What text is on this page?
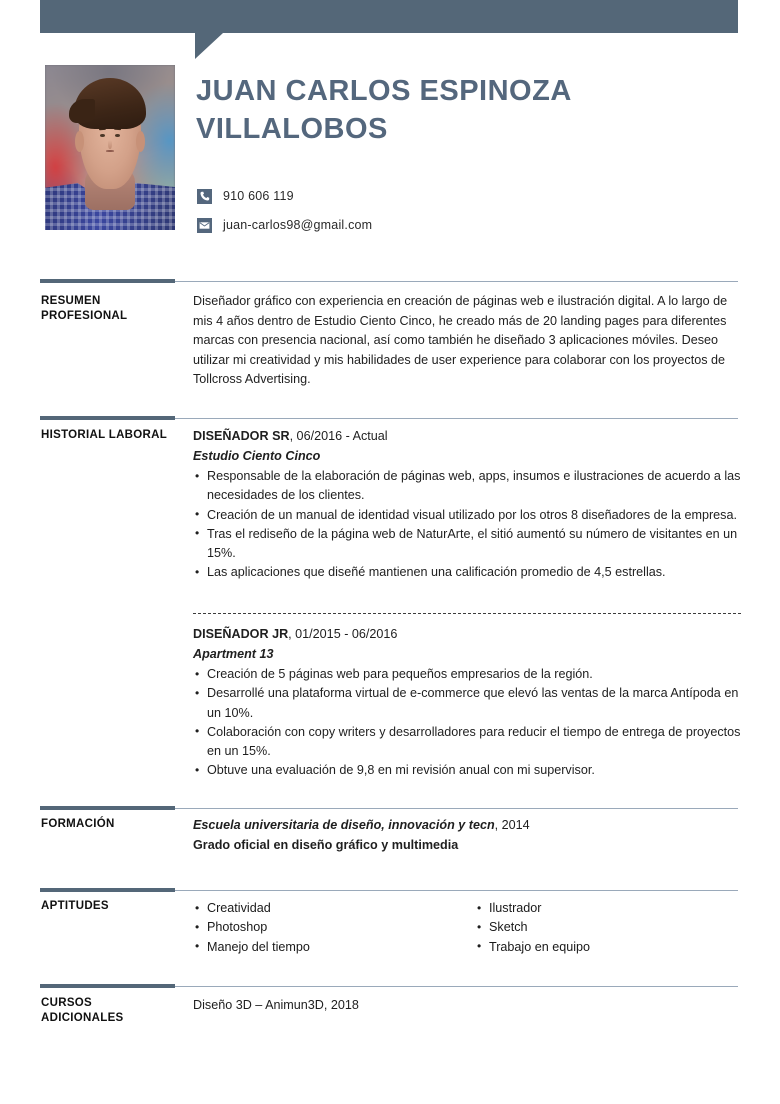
JUAN CARLOS ESPINOZA
VILLALOBOS
910 606 119
juan-carlos98@gmail.com
RESUMEN
PROFESIONAL
Diseñador gráfico con experiencia en creación de páginas web e ilustración digital. A lo largo de mis 4 años dentro de Estudio Ciento Cinco, he creado más de 20 landing pages para diferentes marcas con presencia nacional, así como también he diseñado 3 aplicaciones móviles. Deseo utilizar mi creatividad y mis habilidades de user experience para colaborar con los proyectos de Tollcross Advertising.
HISTORIAL LABORAL	DISEÑADOR SR, 06/2016 - Actual
Estudio Ciento Cinco
• Responsable de la elaboración de páginas web, apps, insumos e ilustraciones de acuerdo a las necesidades de los clientes.
• Creación de un manual de identidad visual utilizado por los otros 8 diseñadores de la empresa.
• Tras el rediseño de la página web de NaturArte, el sitió aumentó su número de visitantes en un 15%.
• Las aplicaciones que diseñé mantienen una calificación promedio de 4,5 estrellas.
DISEÑADOR JR, 01/2015 - 06/2016
Apartment 13
• Creación de 5 páginas web para pequeños empresarios de la región.
• Desarrollé una plataforma virtual de e-commerce que elevó las ventas de la marca Antípoda en un 10%.
• Colaboración con copy writers y desarrolladores para reducir el tiempo de entrega de proyectos en un 15%.
• Obtuve una evaluación de 9,8 en mi revisión anual con mi supervisor.
FORMACIÓN	Escuela universitaria de diseño, innovación y tecn, 2014
Grado oficial en diseño gráfico y multimedia
APTITUDES	• Creatividad
• Photoshop
• Manejo del tiempo
• Ilustrador
• Sketch
• Trabajo en equipo
CURSOS
ADICIONALES
Diseño 3D – Animun3D, 2018
